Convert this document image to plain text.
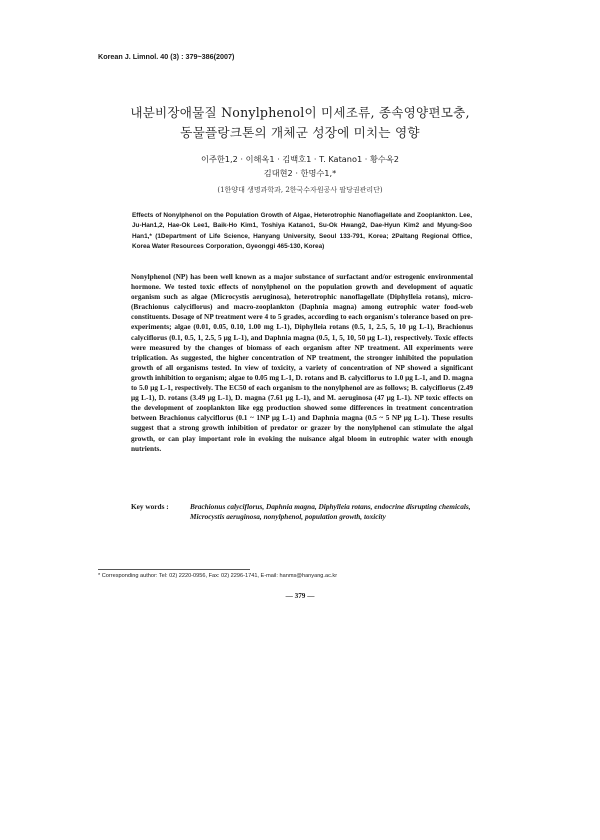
Korean J. Limnol. 40 (3) : 379~386(2007)
내분비장애물질 Nonylphenol이 미세조류, 종속영양편모충,
동물플랑크톤의 개체군 성장에 미치는 영향
이주한1,2 · 이해옥1 · 김백호1 · T. Katano1 · 황수옥2
김대현2 · 한명수1,*
(1한양대 생명과학과, 2한국수자원공사 팔당권관리단)
Effects of Nonylphenol on the Population Growth of Algae, Heterotrophic Nanoflagellate and Zooplankton. Lee, Ju-Han1,2, Hae-Ok Lee1, Baik-Ho Kim1, Toshiya Katano1, Su-Ok Hwang2, Dae-Hyun Kim2 and Myung-Soo Han1,* (1Department of Life Science, Hanyang University, Seoul 133-791, Korea; 2Paltang Regional Office, Korea Water Resources Corporation, Gyeonggi 465-130, Korea)
Nonylphenol (NP) has been well known as a major substance of surfactant and/or estrogenic environmental hormone. We tested toxic effects of nonylphenol on the population growth and development of aquatic organism such as algae (Microcystis aeruginosa), heterotrophic nanoflagellate (Diphylleia rotans), micro-(Brachionus calyciflorus) and macro-zooplankton (Daphnia magna) among eutrophic water food-web constituents. Dosage of NP treatment were 4 to 5 grades, according to each organism's tolerance based on pre-experiments; algae (0.01, 0.05, 0.10, 1.00 mg L-1), Diphylleia rotans (0.5, 1, 2.5, 5, 10 μg L-1), Brachionus calyciflorus (0.1, 0.5, 1, 2.5, 5 μg L-1), and Daphnia magna (0.5, 1, 5, 10, 50 μg L-1), respectively. Toxic effects were measured by the changes of biomass of each organism after NP treatment. All experiments were triplication. As suggested, the higher concentration of NP treatment, the stronger inhibited the population growth of all organisms tested. In view of toxicity, a variety of concentration of NP showed a significant growth inhibition to organism; algae to 0.05 mg L-1, D. rotans and B. calyciflorus to 1.0 μg L-1, and D. magna to 5.0 μg L-1, respectively. The EC50 of each organism to the nonylphenol are as follows; B. calyciflorus (2.49 μg L-1), D. rotans (3.49 μg L-1), D. magna (7.61 μg L-1), and M. aeruginosa (47 μg L-1). NP toxic effects on the development of zooplankton like egg production showed some differences in treatment concentration between Brachionus calyciflorus (0.1 ~ 1NP μg L-1) and Daphnia magna (0.5 ~ 5 NP μg L-1). These results suggest that a strong growth inhibition of predator or grazer by the nonylphenol can stimulate the algal growth, or can play important role in evoking the nuisance algal bloom in eutrophic water with enough nutrients.
Key words :	Brachionus calyciflorus, Daphnia magna, Diphylleia rotans, endocrine disrupting chemicals, Microcystis aeruginosa, nonylphenol, population growth, toxicity
* Corresponding author: Tel: 02) 2220-0956, Fax: 02) 2296-1741, E-mail: hanms@hanyang.ac.kr
— 379 —
